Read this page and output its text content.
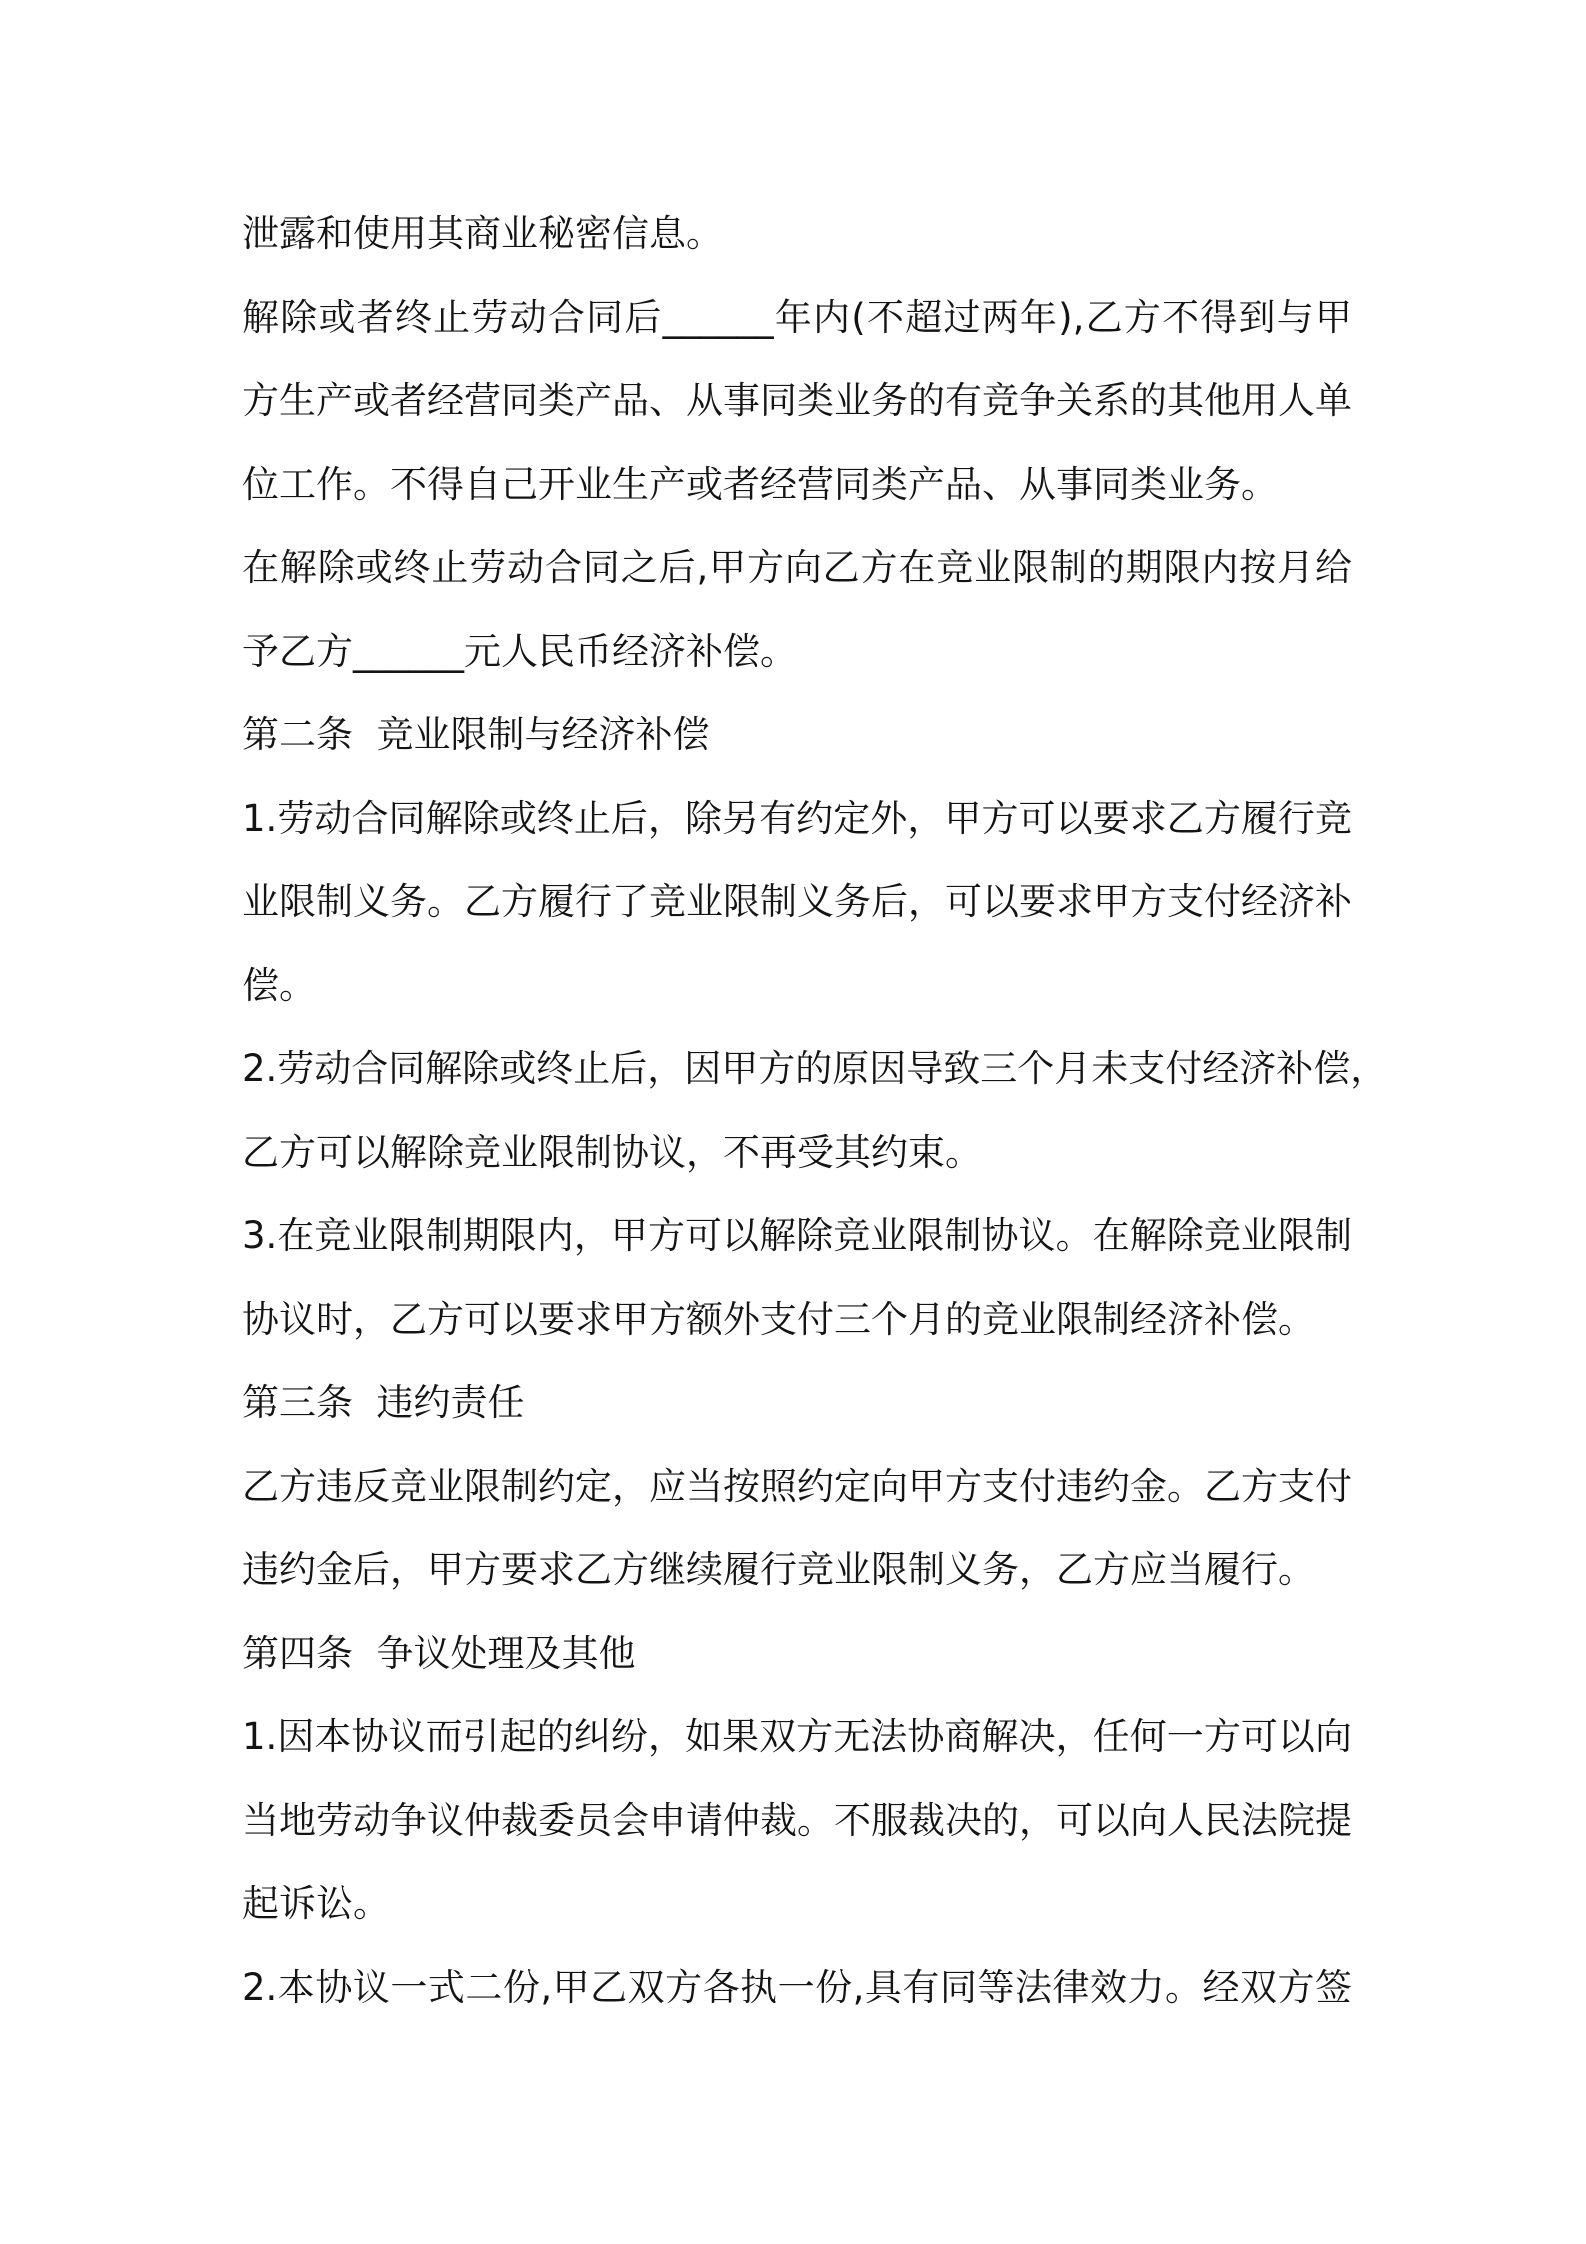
泄露和使用其商业秘密信息。
解除或者终止劳动合同后______年内(不超过两年),乙方不得到与甲
方生产或者经营同类产品、从事同类业务的有竞争关系的其他用人单
位工作。不得自己开业生产或者经营同类产品、从事同类业务。
在解除或终止劳动合同之后,甲方向乙方在竞业限制的期限内按月给
予乙方______元人民币经济补偿。
第二条  竞业限制与经济补偿
1.劳动合同解除或终止后，除另有约定外，甲方可以要求乙方履行竞
业限制义务。乙方履行了竞业限制义务后，可以要求甲方支付经济补
偿。
2.劳动合同解除或终止后，因甲方的原因导致三个月未支付经济补偿，
乙方可以解除竞业限制协议，不再受其约束。
3.在竞业限制期限内，甲方可以解除竞业限制协议。在解除竞业限制
协议时，乙方可以要求甲方额外支付三个月的竞业限制经济补偿。
第三条  违约责任
乙方违反竞业限制约定，应当按照约定向甲方支付违约金。乙方支付
违约金后，甲方要求乙方继续履行竞业限制义务，乙方应当履行。
第四条  争议处理及其他
1.因本协议而引起的纠纷，如果双方无法协商解决，任何一方可以向
当地劳动争议仲裁委员会申请仲裁。不服裁决的，可以向人民法院提
起诉讼。
2.本协议一式二份,甲乙双方各执一份,具有同等法律效力。经双方签
